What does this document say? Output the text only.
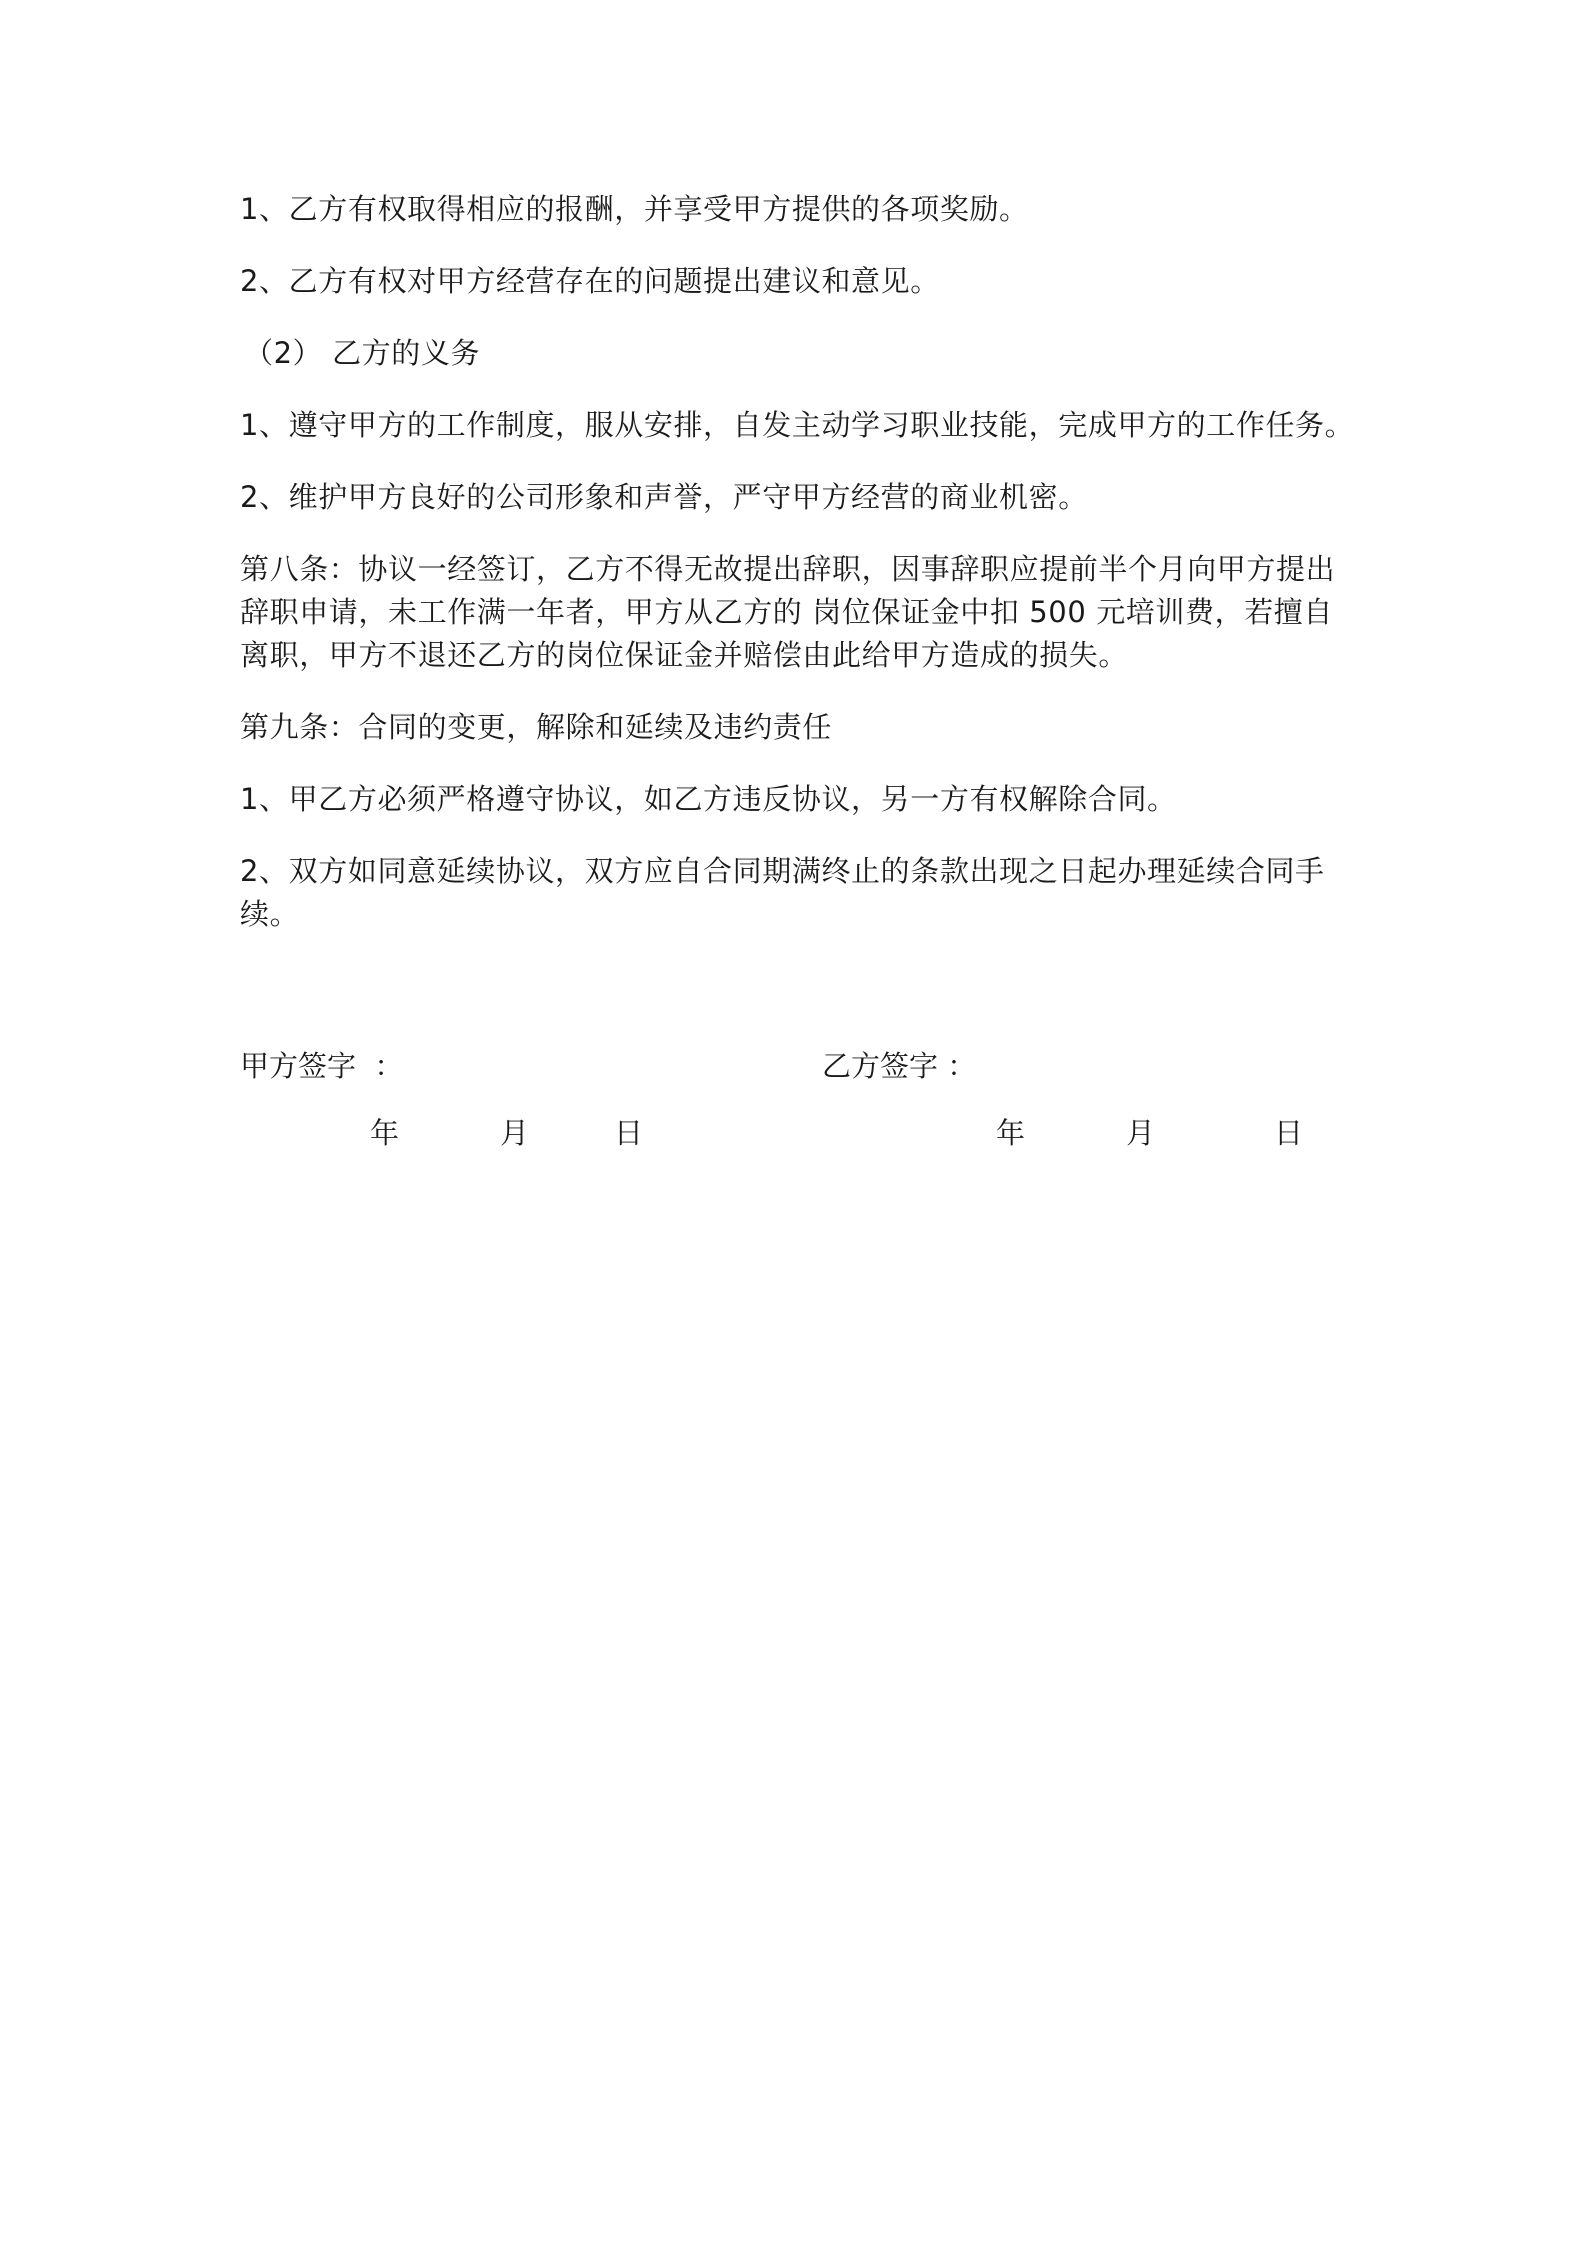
1、乙方有权取得相应的报酬，并享受甲方提供的各项奖励。

2、乙方有权对甲方经营存在的问题提出建议和意见。

（2） 乙方的义务

1、遵守甲方的工作制度，服从安排，自发主动学习职业技能，完成甲方的工作任务。

2、维护甲方良好的公司形象和声誉，严守甲方经营的商业机密。

第八条：协议一经签订，乙方不得无故提出辞职，因事辞职应提前半个月向甲方提出辞职申请，未工作满一年者，甲方从乙方的 岗位保证金中扣 500 元培训费，若擅自离职，甲方不退还乙方的岗位保证金并赔偿由此给甲方造成的损失。

第九条：合同的变更，解除和延续及违约责任

1、甲乙方必须严格遵守协议，如乙方违反协议，另一方有权解除合同。

2、双方如同意延续协议，双方应自合同期满终止的条款出现之日起办理延续合同手续。

甲方签字  ：	乙方签字 ：
年	月	日	年	月	日
